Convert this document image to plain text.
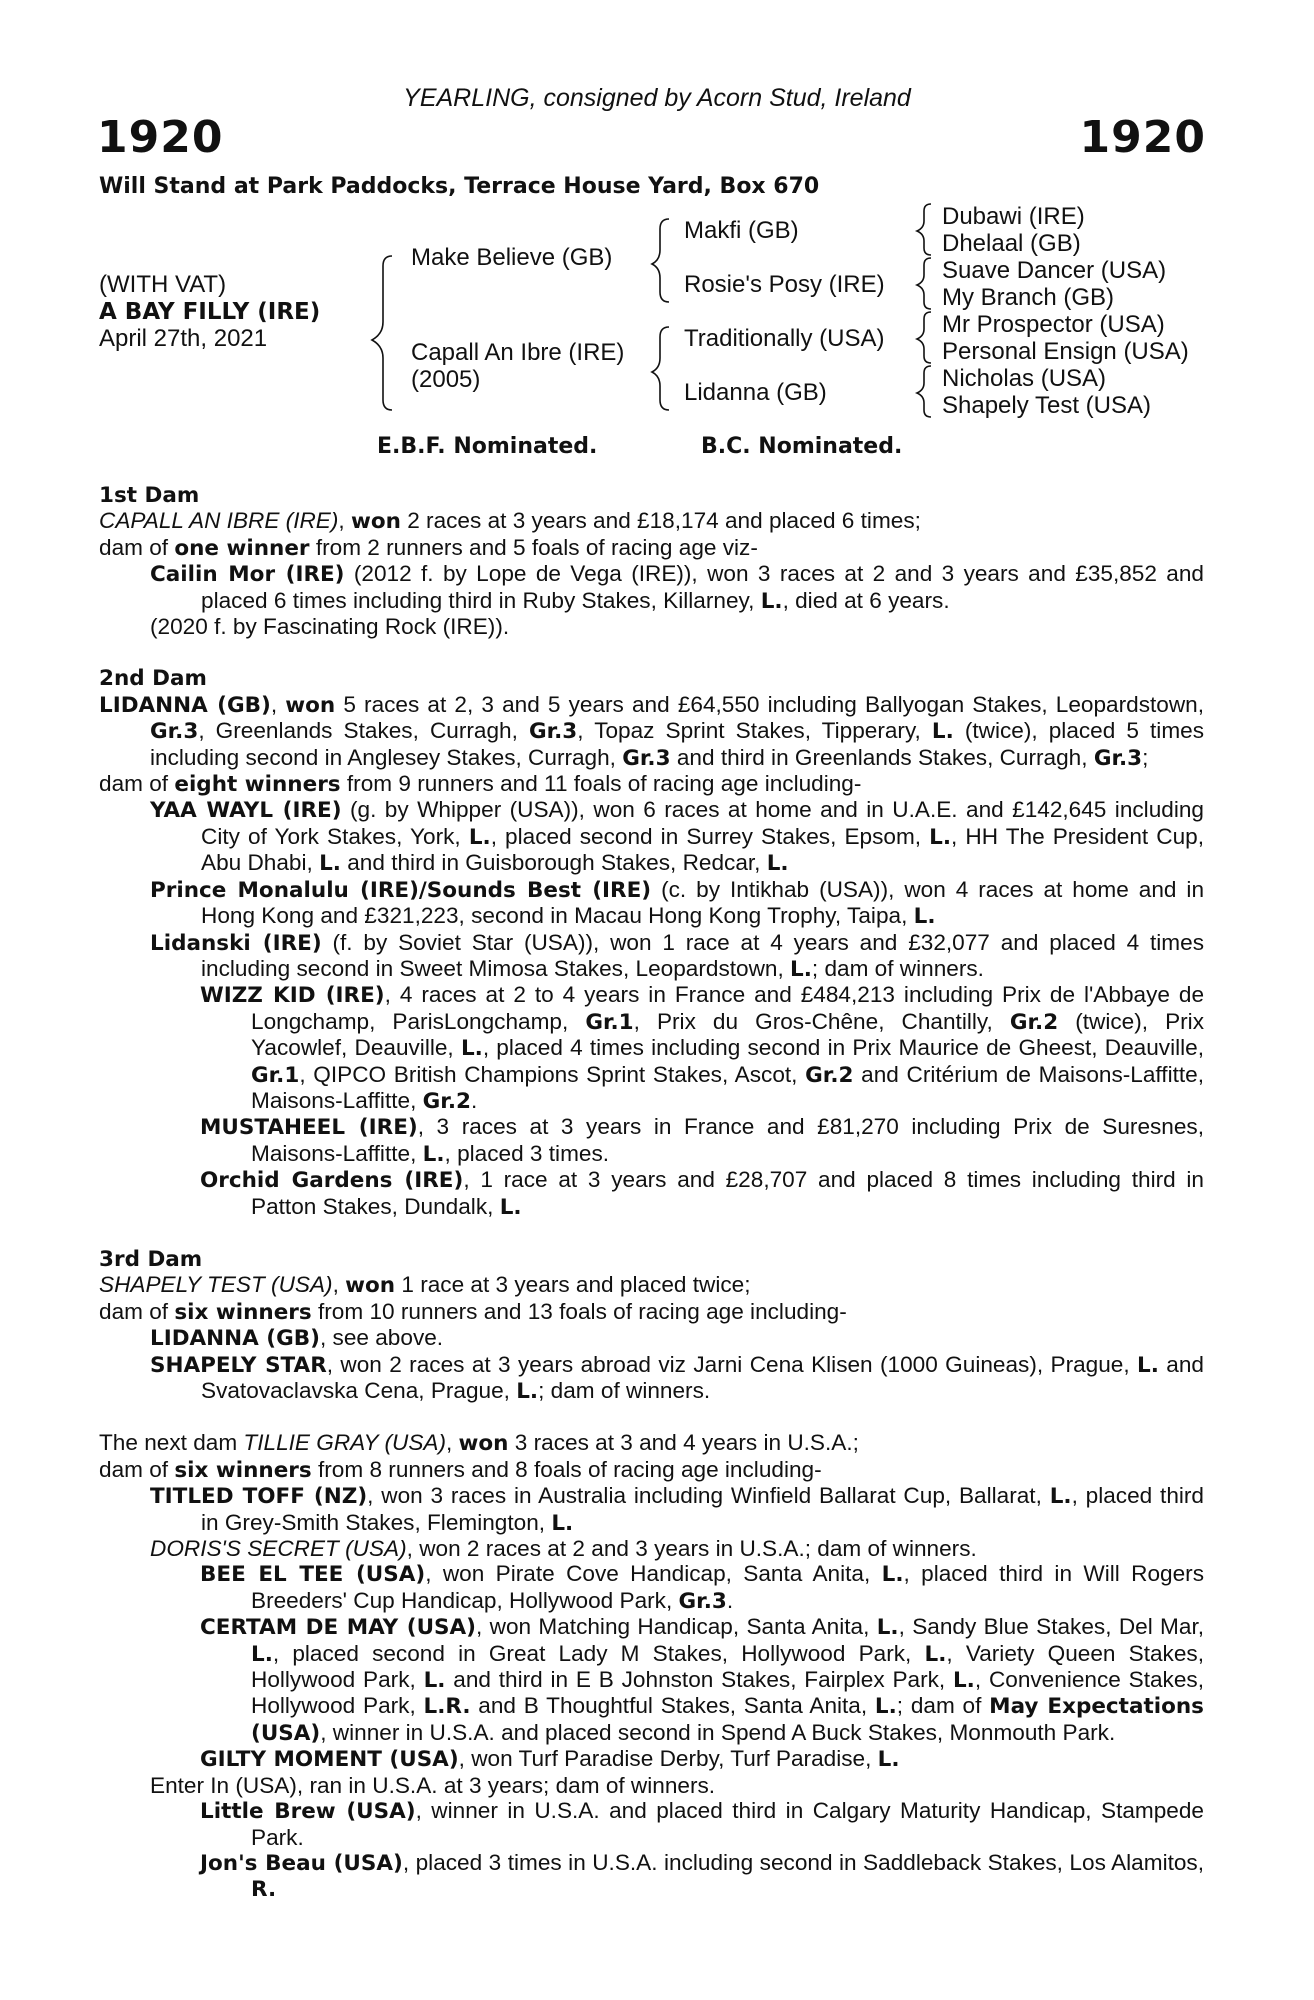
YEARLING, consigned by Acorn Stud, Ireland
1920	1920
Will Stand at Park Paddocks, Terrace House Yard, Box 670
(WITH VAT)
A BAY FILLY (IRE)
April 27th, 2021
Make Believe (GB)
Capall An Ibre (IRE)
(2005)
Makfi (GB)
Rosie's Posy (IRE)
Traditionally (USA)
Lidanna (GB)
Dubawi (IRE)
Dhelaal (GB)
Suave Dancer (USA)
My Branch (GB)
Mr Prospector (USA)
Personal Ensign (USA)
Nicholas (USA)
Shapely Test (USA)
E.B.F. Nominated.	B.C. Nominated.

1st Dam

CAPALL AN IBRE (IRE), won 2 races at 3 years and £18,174 and placed 6 times;

dam of one winner from 2 runners and 5 foals of racing age viz-

Cailin Mor (IRE) (2012 f. by Lope de Vega (IRE)), won 3 races at 2 and 3 years and £35,852 and placed 6 times including third in Ruby Stakes, Killarney, L., died at 6 years.

(2020 f. by Fascinating Rock (IRE)).

2nd Dam

LIDANNA (GB), won 5 races at 2, 3 and 5 years and £64,550 including Ballyogan Stakes, Leopardstown, Gr.3, Greenlands Stakes, Curragh, Gr.3, Topaz Sprint Stakes, Tipperary, L. (twice), placed 5 times including second in Anglesey Stakes, Curragh, Gr.3 and third in Greenlands Stakes, Curragh, Gr.3;

dam of eight winners from 9 runners and 11 foals of racing age including-

YAA WAYL (IRE) (g. by Whipper (USA)), won 6 races at home and in U.A.E. and £142,645 including City of York Stakes, York, L., placed second in Surrey Stakes, Epsom, L., HH The President Cup, Abu Dhabi, L. and third in Guisborough Stakes, Redcar, L.

Prince Monalulu (IRE)/Sounds Best (IRE) (c. by Intikhab (USA)), won 4 races at home and in Hong Kong and £321,223, second in Macau Hong Kong Trophy, Taipa, L.

Lidanski (IRE) (f. by Soviet Star (USA)), won 1 race at 4 years and £32,077 and placed 4 times including second in Sweet Mimosa Stakes, Leopardstown, L.; dam of winners.

WIZZ KID (IRE), 4 races at 2 to 4 years in France and £484,213 including Prix de l'Abbaye de Longchamp, ParisLongchamp, Gr.1, Prix du Gros-Chêne, Chantilly, Gr.2 (twice), Prix Yacowlef, Deauville, L., placed 4 times including second in Prix Maurice de Gheest, Deauville, Gr.1, QIPCO British Champions Sprint Stakes, Ascot, Gr.2 and Critérium de Maisons-Laffitte, Maisons-Laffitte, Gr.2.

MUSTAHEEL (IRE), 3 races at 3 years in France and £81,270 including Prix de Suresnes, Maisons-Laffitte, L., placed 3 times.

Orchid Gardens (IRE), 1 race at 3 years and £28,707 and placed 8 times including third in Patton Stakes, Dundalk, L.

3rd Dam

SHAPELY TEST (USA), won 1 race at 3 years and placed twice;

dam of six winners from 10 runners and 13 foals of racing age including-

LIDANNA (GB), see above.

SHAPELY STAR, won 2 races at 3 years abroad viz Jarni Cena Klisen (1000 Guineas), Prague, L. and Svatovaclavska Cena, Prague, L.; dam of winners.

The next dam TILLIE GRAY (USA), won 3 races at 3 and 4 years in U.S.A.;

dam of six winners from 8 runners and 8 foals of racing age including-

TITLED TOFF (NZ), won 3 races in Australia including Winfield Ballarat Cup, Ballarat, L., placed third in Grey-Smith Stakes, Flemington, L.

DORIS'S SECRET (USA), won 2 races at 2 and 3 years in U.S.A.; dam of winners.

BEE EL TEE (USA), won Pirate Cove Handicap, Santa Anita, L., placed third in Will Rogers Breeders' Cup Handicap, Hollywood Park, Gr.3.

CERTAM DE MAY (USA), won Matching Handicap, Santa Anita, L., Sandy Blue Stakes, Del Mar, L., placed second in Great Lady M Stakes, Hollywood Park, L., Variety Queen Stakes, Hollywood Park, L. and third in E B Johnston Stakes, Fairplex Park, L., Convenience Stakes, Hollywood Park, L.R. and B Thoughtful Stakes, Santa Anita, L.; dam of May Expectations (USA), winner in U.S.A. and placed second in Spend A Buck Stakes, Monmouth Park.

GILTY MOMENT (USA), won Turf Paradise Derby, Turf Paradise, L.

Enter In (USA), ran in U.S.A. at 3 years; dam of winners.

Little Brew (USA), winner in U.S.A. and placed third in Calgary Maturity Handicap, Stampede Park.

Jon's Beau (USA), placed 3 times in U.S.A. including second in Saddleback Stakes, Los Alamitos, R.
